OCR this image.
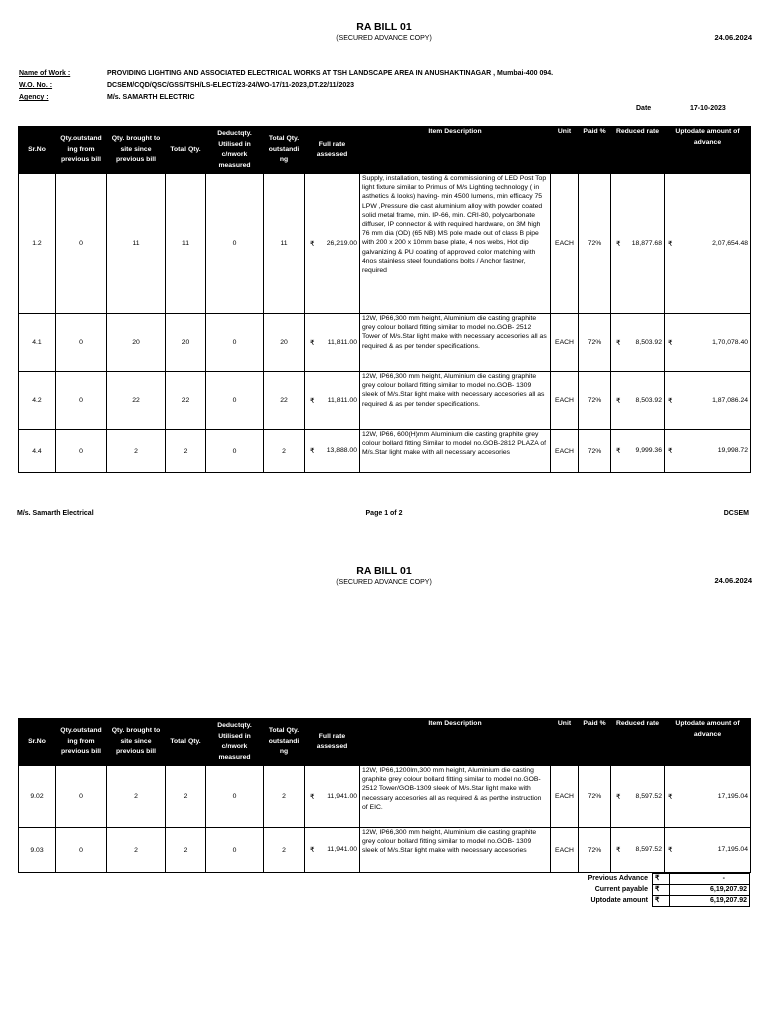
RA BILL 01
(SECURED ADVANCE COPY)	24.06.2024
Name of Work :	PROVIDING LIGHTING AND ASSOCIATED ELECTRICAL WORKS AT TSH LANDSCAPE AREA IN ANUSHAKTINAGAR , Mumbai-400 094.
W.O. No. :	DCSEM/CQD/QSC/GSS/TSH/LS-ELECT/23-24/WO-17/11-2023,DT.22/11/2023
Agency :	M/s. SAMARTH ELECTRIC
Date	17-10-2023
Sr.No	Qty.outstand ing from previous bill	Qty. brought to site since previous bill	Total Qty.	Deductqty. Utilised in c/nwork measured	Total Qty. outstandi ng	Full rate assessed	Item Description	Unit	Paid %	Reduced rate	Uptodate amount of advance
1.2	0	11	11	0	11	₹ 26,219.00	Supply, installation, testing & commissioning of LED Post Top light fixture similar to Primus of M/s Lighting technology ( in asthetics & looks) having- min 4500 lumens, min efficacy 75 LPW ,Pressure die cast aluminium alloy with powder coated solid metal frame, min. IP-66, min. CRI-80, polycarbonate diffuser, IP connector & with required hardware, on 3M high 76 mm dia (OD) (65 NB) MS pole made out of class B pipe with 200 x 200 x 10mm base plate, 4 nos webs, Hot dip galvanizing & PU coating of approved color matching with 4nos stainless steel foundations bolts / Anchor fastner, required	EACH	72%	₹ 18,877.68	₹ 2,07,654.48

4.1	0	20	20	0	20	₹ 11,811.00	12W, IP66,300 mm height, Aluminium die casting graphite grey colour bollard fitting similar to model no.GOB- 2512 Tower of M/s.Star light make with necessary accesories all as required & as per tender specifications.	EACH	72%	₹ 8,503.92	₹ 1,70,078.40

4.2	0	22	22	0	22	₹ 11,811.00	12W, IP66,300 mm height, Aluminium die casting graphite grey colour bollard fitting similar to model no.GOB- 1309 sleek of M/s.Star light make with necessary accesories all as required & as per tender specifications.	EACH	72%	₹ 8,503.92	₹ 1,87,086.24

4.4	0	2	2	0	2	₹ 13,888.00	12W, IP66, 600(H)mm Aluminium die casting graphite grey colour bollard fitting Similar to model no.GOB-2812 PLAZA of M/s.Star light make with all necessary accesories	EACH	72%	₹ 9,999.36	₹ 19,998.72
M/s. Samarth Electrical	Page 1 of 2	DCSEM
RA BILL 01
(SECURED ADVANCE COPY)	24.06.2024
Sr.No	Qty.outstand ing from previous bill	Qty. brought to site since previous bill	Total Qty.	Deductqty. Utilised in c/nwork measured	Total Qty. outstandi ng	Full rate assessed	Item Description	Unit	Paid %	Reduced rate	Uptodate amount of advance
9.02	0	2	2	0	2	₹ 11,941.00	12W, IP66,1200lm,300 mm height, Aluminium die casting graphite grey colour bollard fitting similar to model no.GOB-2512 Tower/GOB-1309 sleek of M/s.Star light make with necessary accesories all as required & as perthe instruction of EIC.	EACH	72%	₹ 8,597.52	₹ 17,195.04

9.03	0	2	2	0	2	₹ 11,941.00	12W, IP66,300 mm height, Aluminium die casting graphite grey colour bollard fitting similar to model no.GOB- 1309 sleek of M/s.Star light make with necessary accesories	EACH	72%	₹ 8,597.52	₹ 17,195.04
Previous Advance	₹	-
Current payable	₹	6,19,207.92
Uptodate amount	₹	6,19,207.92
